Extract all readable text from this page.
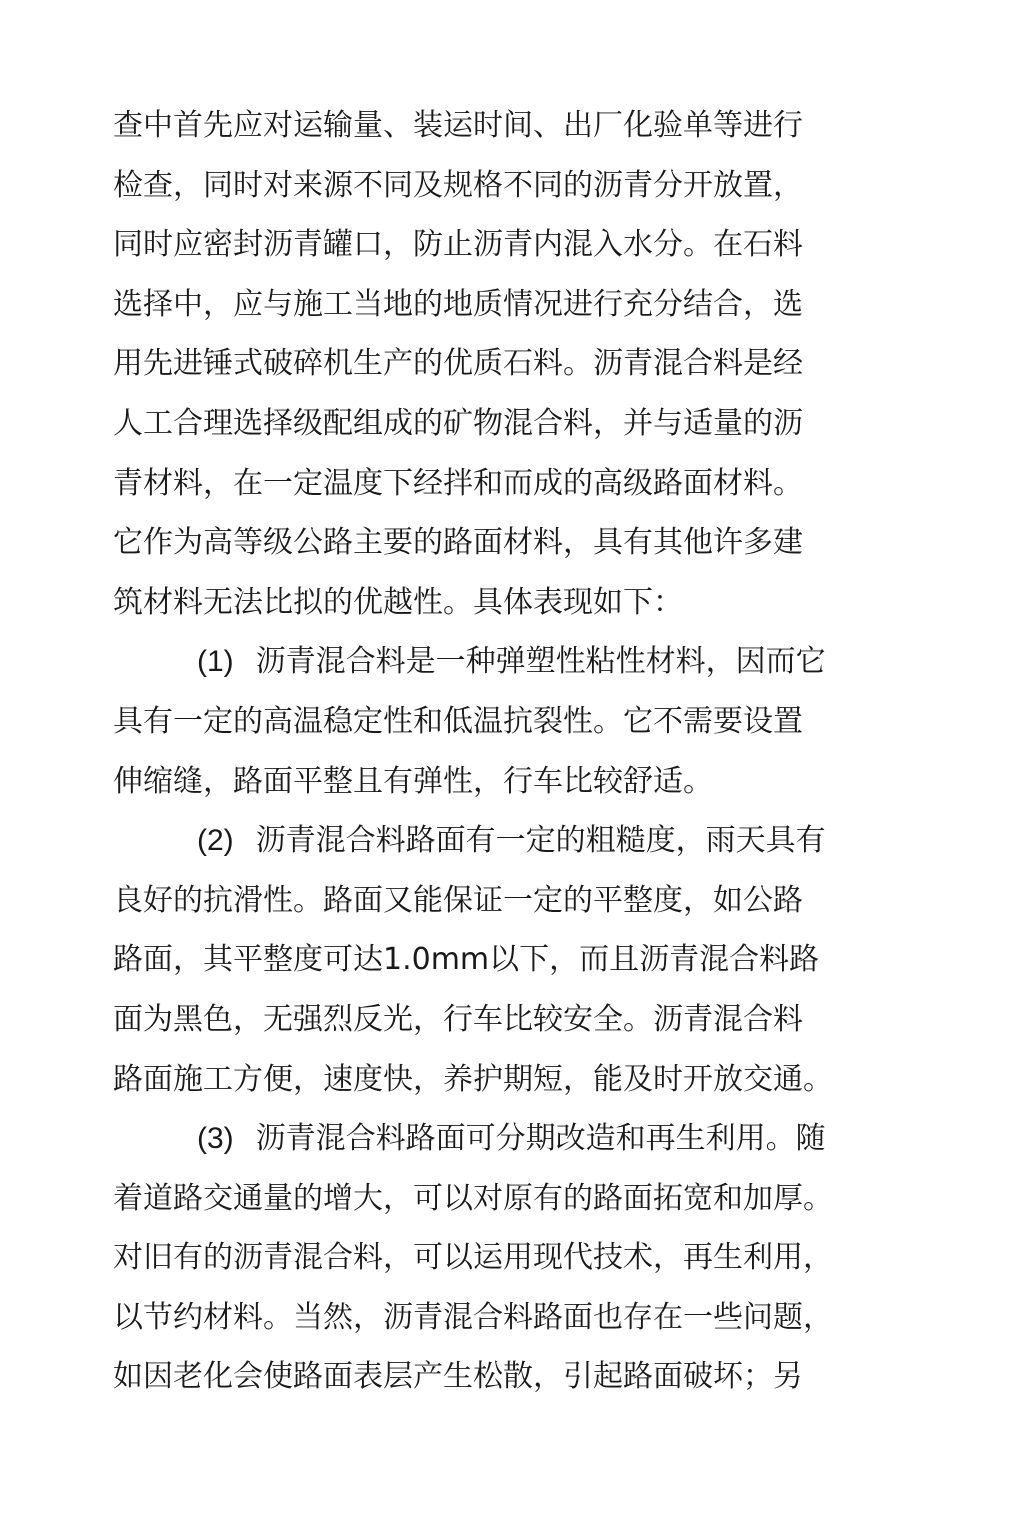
查中首先应对运输量、装运时间、出厂化验单等进行
检查，同时对来源不同及规格不同的沥青分开放置，
同时应密封沥青罐口，防止沥青内混入水分。在石料
选择中，应与施工当地的地质情况进行充分结合，选
用先进锤式破碎机生产的优质石料。沥青混合料是经
人工合理选择级配组成的矿物混合料，并与适量的沥
青材料，在一定温度下经拌和而成的高级路面材料。
它作为高等级公路主要的路面材料，具有其他许多建
筑材料无法比拟的优越性。具体表现如下：
(1) 沥青混合料是一种弹塑性粘性材料，因而它
具有一定的高温稳定性和低温抗裂性。它不需要设置
伸缩缝，路面平整且有弹性，行车比较舒适。
(2) 沥青混合料路面有一定的粗糙度，雨天具有
良好的抗滑性。路面又能保证一定的平整度，如公路
路面，其平整度可达1.0mm以下，而且沥青混合料路
面为黑色，无强烈反光，行车比较安全。沥青混合料
路面施工方便，速度快，养护期短，能及时开放交通。
(3) 沥青混合料路面可分期改造和再生利用。随
着道路交通量的增大，可以对原有的路面拓宽和加厚。
对旧有的沥青混合料，可以运用现代技术，再生利用，
以节约材料。当然，沥青混合料路面也存在一些问题，
如因老化会使路面表层产生松散，引起路面破坏；另
